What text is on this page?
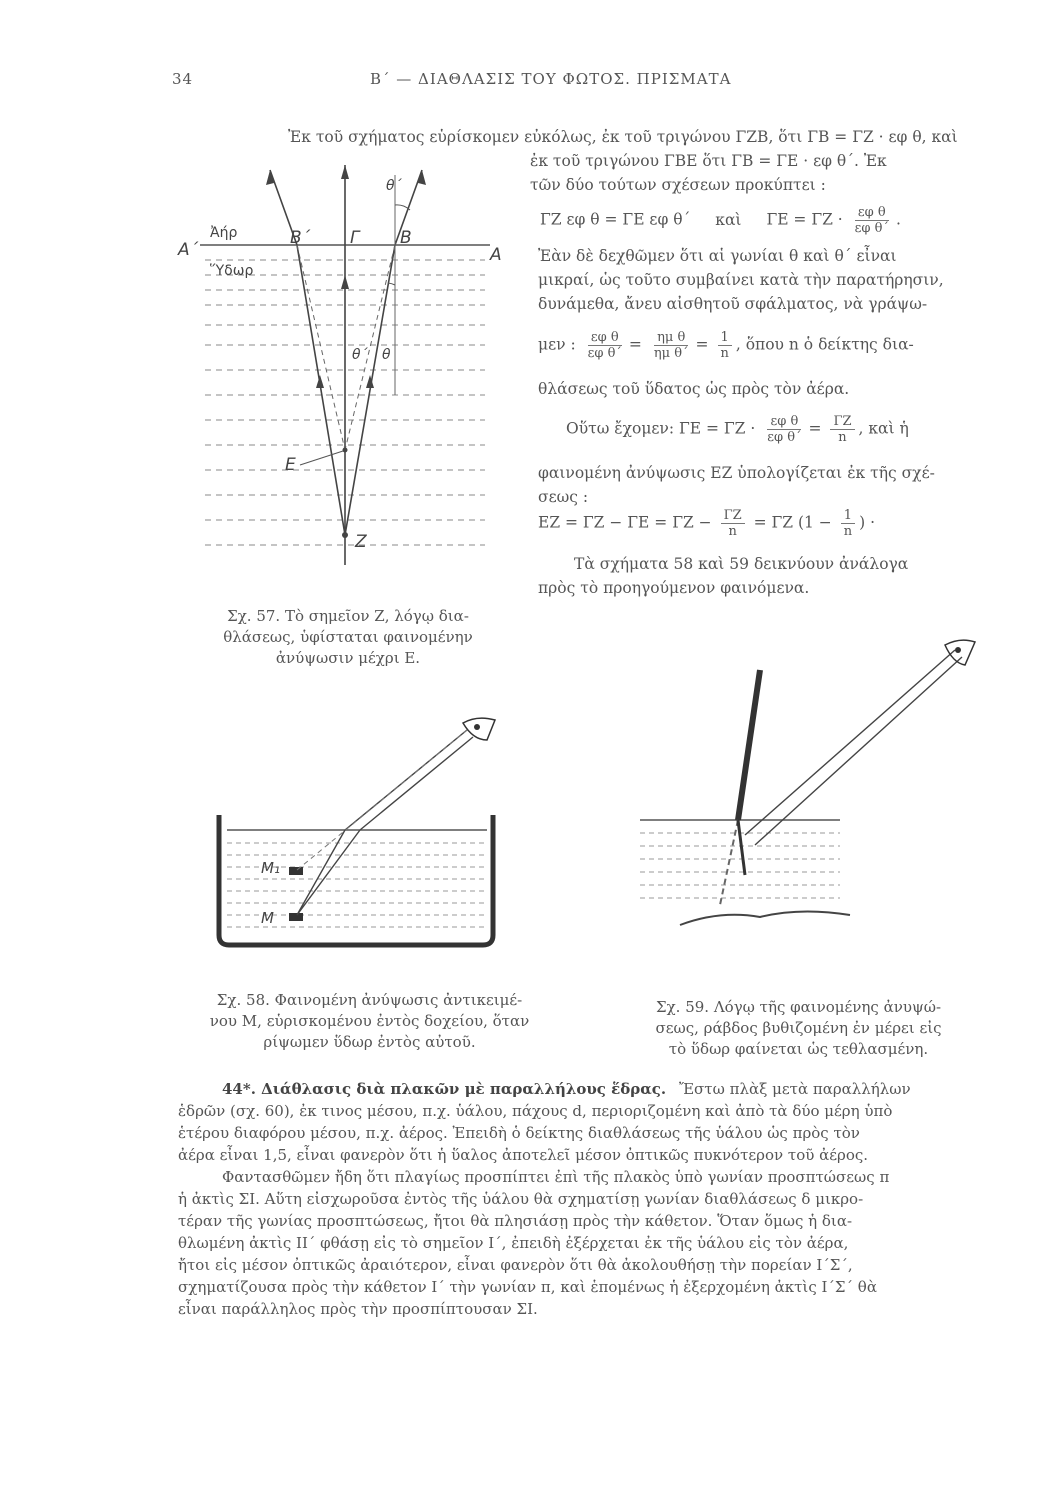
34	Β΄ — ΔΙΑΘΛΑΣΙΣ ΤΟΥ ΦΩΤΟΣ. ΠΡΙΣΜΑΤΑ
Ἐκ τοῦ σχήματος εὑρίσκομεν εὐκόλως, ἐκ τοῦ τριγώνου ΓΖΒ, ὅτι ΓΒ = ΓΖ · εφ θ, καὶ
ἐκ τοῦ τριγώνου ΓΒΕ ὅτι ΓΒ = ΓΕ · εφ θ΄. Ἐκ
τῶν δύο τούτων σχέσεων προκύπτει :
ΓΖ εφ θ = ΓΕ εφ θ΄ καὶ $\Gamma E = \Gamma Z \cdot \frac{\text{εφ θ}}{\text{εφ θ΄}}$ .
Ἐὰν δὲ δεχθῶμεν ὅτι αἱ γωνίαι θ καὶ θ΄ εἶναι
μικραί, ὡς τοῦτο συμβαίνει κατὰ τὴν παρατήρησιν,
δυνάμεθα, ἄνευ αἰσθητοῦ σφάλματος, νὰ γράψω-
μεν : $\frac{\text{εφ θ}}{\text{εφ θ΄}} = \frac{\text{ημ θ}}{\text{ημ θ΄}} = \frac{1}{n}$ , ὅπου n ὁ δείκτης δια-
θλάσεως τοῦ ὕδατος ὡς πρὸς τὸν ἀέρα.
Οὕτω ἔχομεν: $\Gamma E = \Gamma Z \cdot \frac{\text{εφ θ}}{\text{εφ θ΄}} = \frac{\Gamma Z}{n}$ , καὶ ἡ
φαινομένη ἀνύψωσις ΕΖ ὑπολογίζεται ἐκ τῆς σχέ-
σεως :
$EZ = \Gamma Z - \Gamma E = \Gamma Z - \frac{\Gamma Z}{n} = \Gamma Z$ ($1 - \frac{1}{n}$ ) ·
Τὰ σχήματα 58 καὶ 59 δεικνύουν ἀνάλογα
πρὸς τὸ προηγούμενον φαινόμενα.
Α΄
Ἀήρ
Ὕδωρ
Β΄ Γ Β
Α
θ΄
θ΄ θ
Ε
Ζ
Σχ. 57. Τὸ σημεῖον Ζ, λόγῳ δια-
θλάσεως, ὑφίσταται φαινομένην
ἀνύψωσιν μέχρι Ε.
Μ₁
Μ
Σχ. 58. Φαινομένη ἀνύψωσις ἀντικειμέ-
νου Μ, εὑρισκομένου ἐντὸς δοχείου, ὅταν
ρίψωμεν ὕδωρ ἐντὸς αὐτοῦ.
Σχ. 59. Λόγῳ τῆς φαινομένης ἀνυψώ-
σεως, ράβδος βυθιζομένη ἐν μέρει εἰς
τὸ ὕδωρ φαίνεται ὡς τεθλασμένη.
44*. Διάθλασις διὰ πλακῶν μὲ παραλλήλους ἕδρας. Ἔστω πλὰξ μετὰ παραλλήλων
ἑδρῶν (σχ. 60), ἐκ τινος μέσου, π.χ. ὑάλου, πάχους d, περιοριζομένη καὶ ἀπὸ τὰ δύο μέρη ὑπὸ
ἑτέρου διαφόρου μέσου, π.χ. ἀέρος. Ἐπειδὴ ὁ δείκτης διαθλάσεως τῆς ὑάλου ὡς πρὸς τὸν
ἀέρα εἶναι 1,5, εἶναι φανερὸν ὅτι ἡ ὕαλος ἀποτελεῖ μέσον ὀπτικῶς πυκνότερον τοῦ ἀέρος.
Φαντασθῶμεν ἤδη ὅτι πλαγίως προσπίπτει ἐπὶ τῆς πλακὸς ὑπὸ γωνίαν προσπτώσεως π
ἡ ἀκτὶς ΣΙ. Αὕτη εἰσχωροῦσα ἐντὸς τῆς ὑάλου θὰ σχηματίσῃ γωνίαν διαθλάσεως δ μικρο-
τέραν τῆς γωνίας προσπτώσεως, ἤτοι θὰ πλησιάσῃ πρὸς τὴν κάθετον. Ὅταν ὅμως ἡ δια-
θλωμένη ἀκτὶς ΙΙ΄ φθάσῃ εἰς τὸ σημεῖον Ι΄, ἐπειδὴ ἐξέρχεται ἐκ τῆς ὑάλου εἰς τὸν ἀέρα,
ἤτοι εἰς μέσον ὀπτικῶς ἀραιότερον, εἶναι φανερὸν ὅτι θὰ ἀκολουθήσῃ τὴν πορείαν Ι΄Σ΄,
σχηματίζουσα πρὸς τὴν κάθετον Ι΄ τὴν γωνίαν π, καὶ ἑπομένως ἡ ἐξερχομένη ἀκτὶς Ι΄Σ΄ θὰ
εἶναι παράλληλος πρὸς τὴν προσπίπτουσαν ΣΙ.
